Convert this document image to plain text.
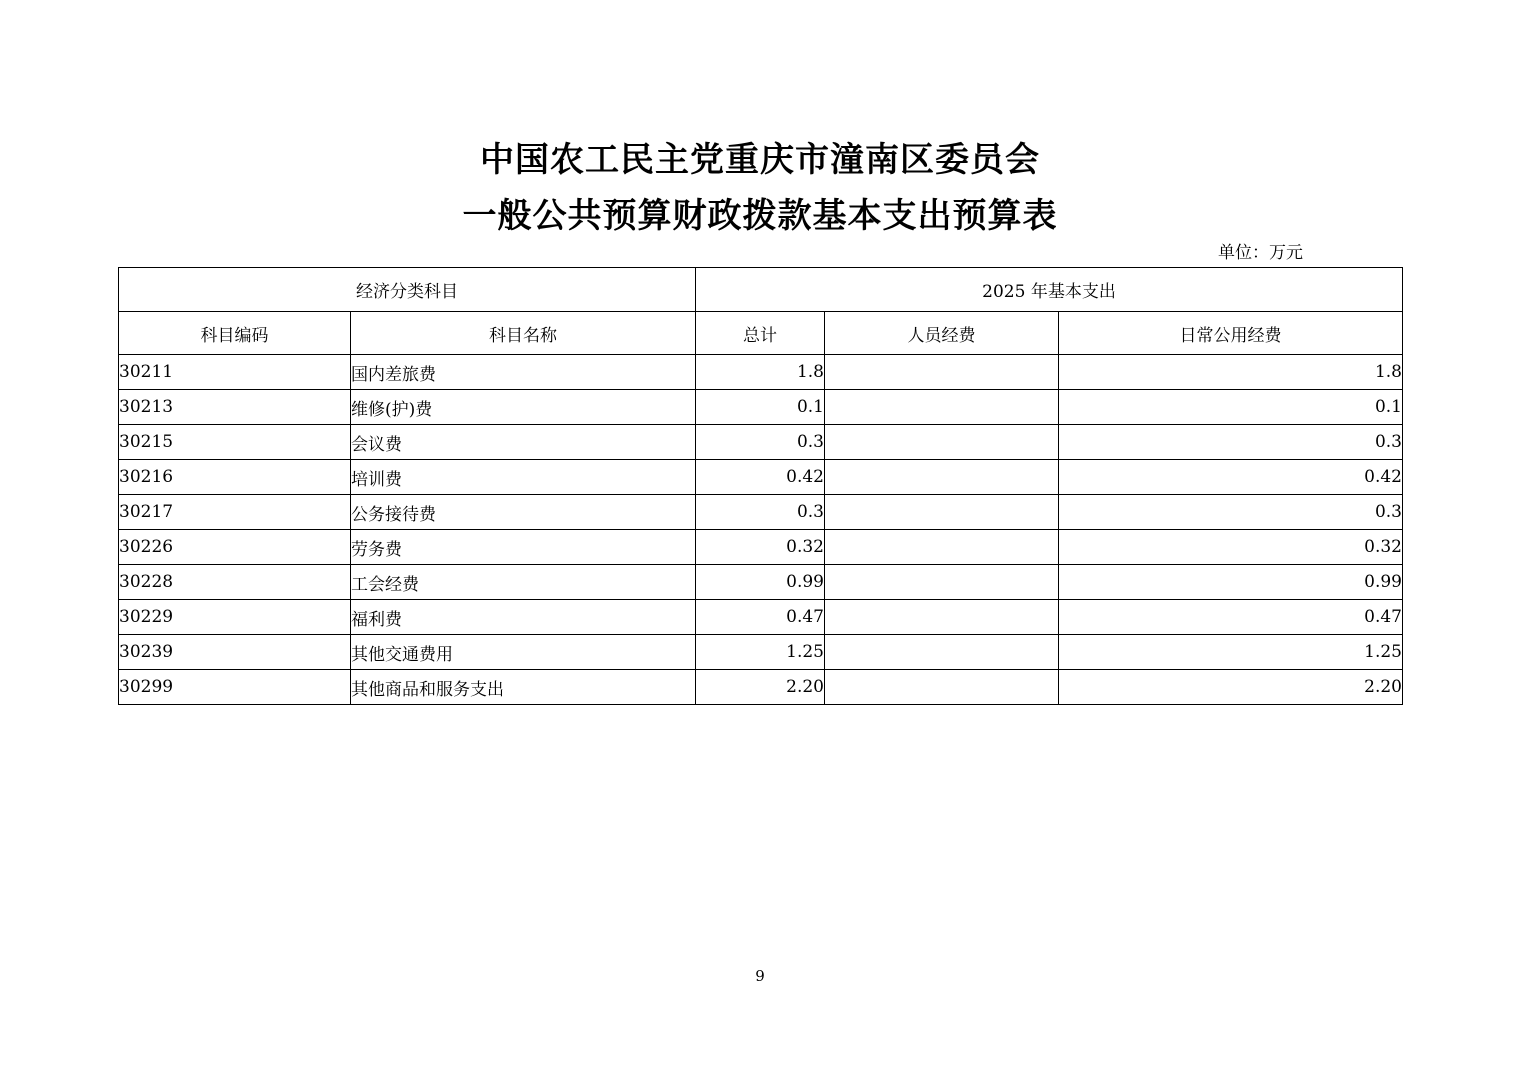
中国农工民主党重庆市潼南区委员会
一般公共预算财政拨款基本支出预算表
单位：万元
经济分类科目		2025 年基本支出		
科目编码	科目名称	总计	人员经费	日常公用经费
30211	国内差旅费	1.8		1.8
30213	维修(护)费	0.1		0.1
30215	会议费	0.3		0.3
30216	培训费	0.42		0.42
30217	公务接待费	0.3		0.3
30226	劳务费	0.32		0.32
30228	工会经费	0.99		0.99
30229	福利费	0.47		0.47
30239	其他交通费用	1.25		1.25
30299	其他商品和服务支出	2.20		2.20
9
